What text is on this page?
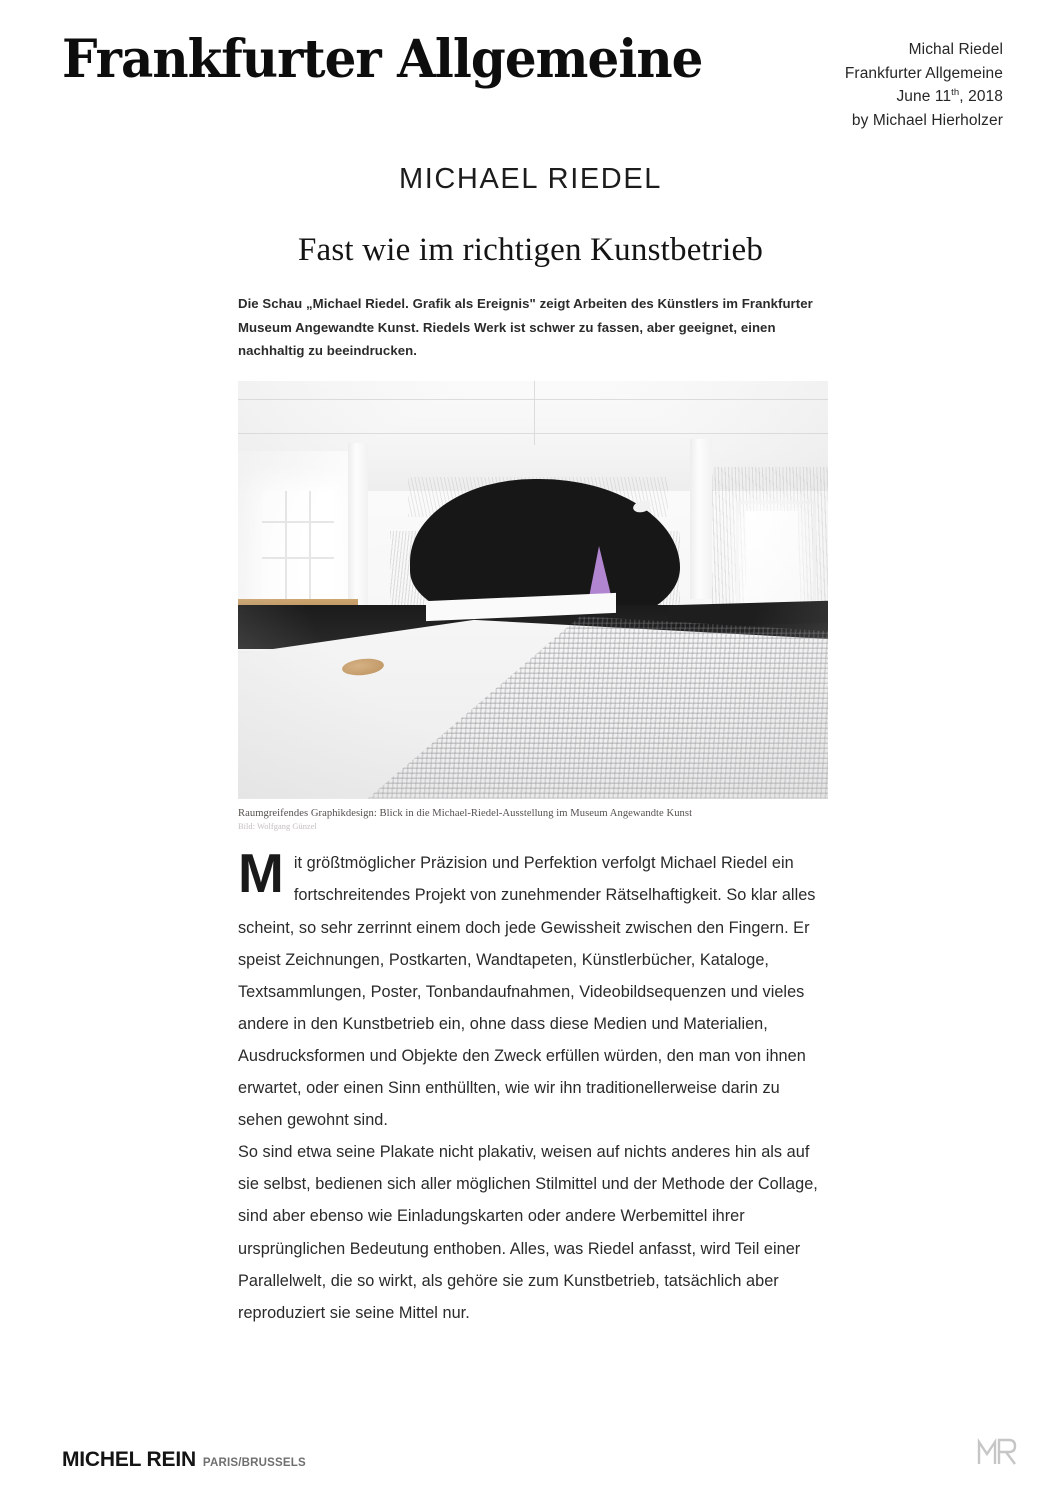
Frankfurter Allgemeine	Michal Riedel
Frankfurter Allgemeine
June 11th, 2018
by Michael Hierholzer
MICHAEL RIEDEL
Fast wie im richtigen Kunstbetrieb

Die Schau „Michael Riedel. Grafik als Ereignis" zeigt Arbeiten des Künstlers im Frankfurter Museum Angewandte Kunst. Riedels Werk ist schwer zu fassen, aber geeignet, einen nachhaltig zu beeindrucken.

Raumgreifendes Graphikdesign: Blick in die Michael-Riedel-Ausstellung im Museum Angewandte Kunst
Bild: Wolfgang Günzel

Mit größtmöglicher Präzision und Perfektion verfolgt Michael Riedel ein fortschreitendes Projekt von zunehmender Rätselhaftigkeit. So klar alles scheint, so sehr zerrinnt einem doch jede Gewissheit zwischen den Fingern. Er speist Zeichnungen, Postkarten, Wandtapeten, Künstlerbücher, Kataloge, Textsammlungen, Poster, Tonbandaufnahmen, Videobildsequenzen und vieles andere in den Kunstbetrieb ein, ohne dass diese Medien und Materialien, Ausdrucksformen und Objekte den Zweck erfüllen würden, den man von ihnen erwartet, oder einen Sinn enthüllten, wie wir ihn traditionellerweise darin zu sehen gewohnt sind.

So sind etwa seine Plakate nicht plakativ, weisen auf nichts anderes hin als auf sie selbst, bedienen sich aller möglichen Stilmittel und der Methode der Collage, sind aber ebenso wie Einladungskarten oder andere Werbemittel ihrer ursprünglichen Bedeutung enthoben. Alles, was Riedel anfasst, wird Teil einer Parallelwelt, die so wirkt, als gehöre sie zum Kunstbetrieb, tatsächlich aber reproduziert sie seine Mittel nur.

MICHEL REIN PARIS/BRUSSELS
